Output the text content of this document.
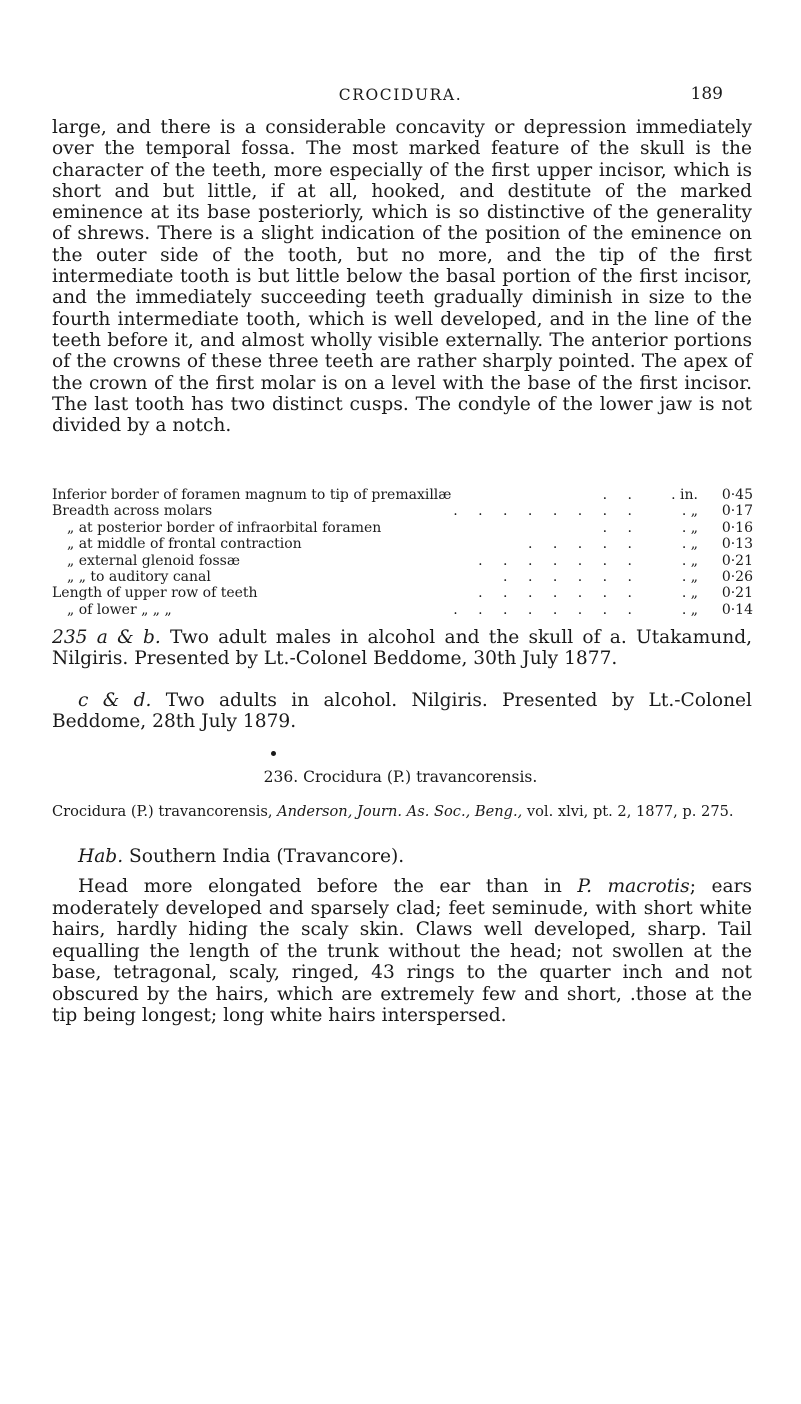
CROCIDURA.	189
large, and there is a considerable concavity or depression immediately over the temporal fossa. The most marked feature of the skull is the character of the teeth, more especially of the first upper incisor, which is short and but little, if at all, hooked, and destitute of the marked eminence at its base posteriorly, which is so distinctive of the generality of shrews. There is a slight indication of the position of the eminence on the outer side of the tooth, but no more, and the tip of the first intermediate tooth is but little below the basal portion of the first incisor, and the immediately succeeding teeth gradually diminish in size to the fourth intermediate tooth, which is well developed, and in the line of the teeth before it, and almost wholly visible externally. The anterior portions of the crowns of these three teeth are rather sharply pointed. The apex of the crown of the first molar is on a level with the base of the first incisor. The last tooth has two distinct cusps. The condyle of the lower jaw is not divided by a notch.
Inferior border of foramen magnum to tip of premaxillæ	. .	. in.	0·45
Breadth across molars	. . . . . . . .	. „	0·17
„ at posterior border of infraorbital foramen	. .	. „	0·16
„ at middle of frontal contraction	. . . . .	. „	0·13
„ external glenoid fossæ	. . . . . . .	. „	0·21
„ „ to auditory canal	. . . . . .	. „	0·26
Length of upper row of teeth	. . . . . . .	. „	0·21
„ of lower „ „ „	. . . . . . . .	. „	0·14
235 a & b. Two adult males in alcohol and the skull of a. Utakamund, Nilgiris. Presented by Lt.-Colonel Beddome, 30th July 1877.
c & d. Two adults in alcohol. Nilgiris. Presented by Lt.-Colonel Beddome, 28th July 1879.
236. Crocidura (P.) travancorensis.
Crocidura (P.) travancorensis, Anderson, Journ. As. Soc., Beng., vol. xlvi, pt. 2, 1877, p. 275.
Hab. Southern India (Travancore).
Head more elongated before the ear than in P. macrotis; ears moderately developed and sparsely clad; feet seminude, with short white hairs, hardly hiding the scaly skin. Claws well developed, sharp. Tail equalling the length of the trunk without the head; not swollen at the base, tetragonal, scaly, ringed, 43 rings to the quarter inch and not obscured by the hairs, which are extremely few and short, .those at the tip being longest; long white hairs interspersed.
